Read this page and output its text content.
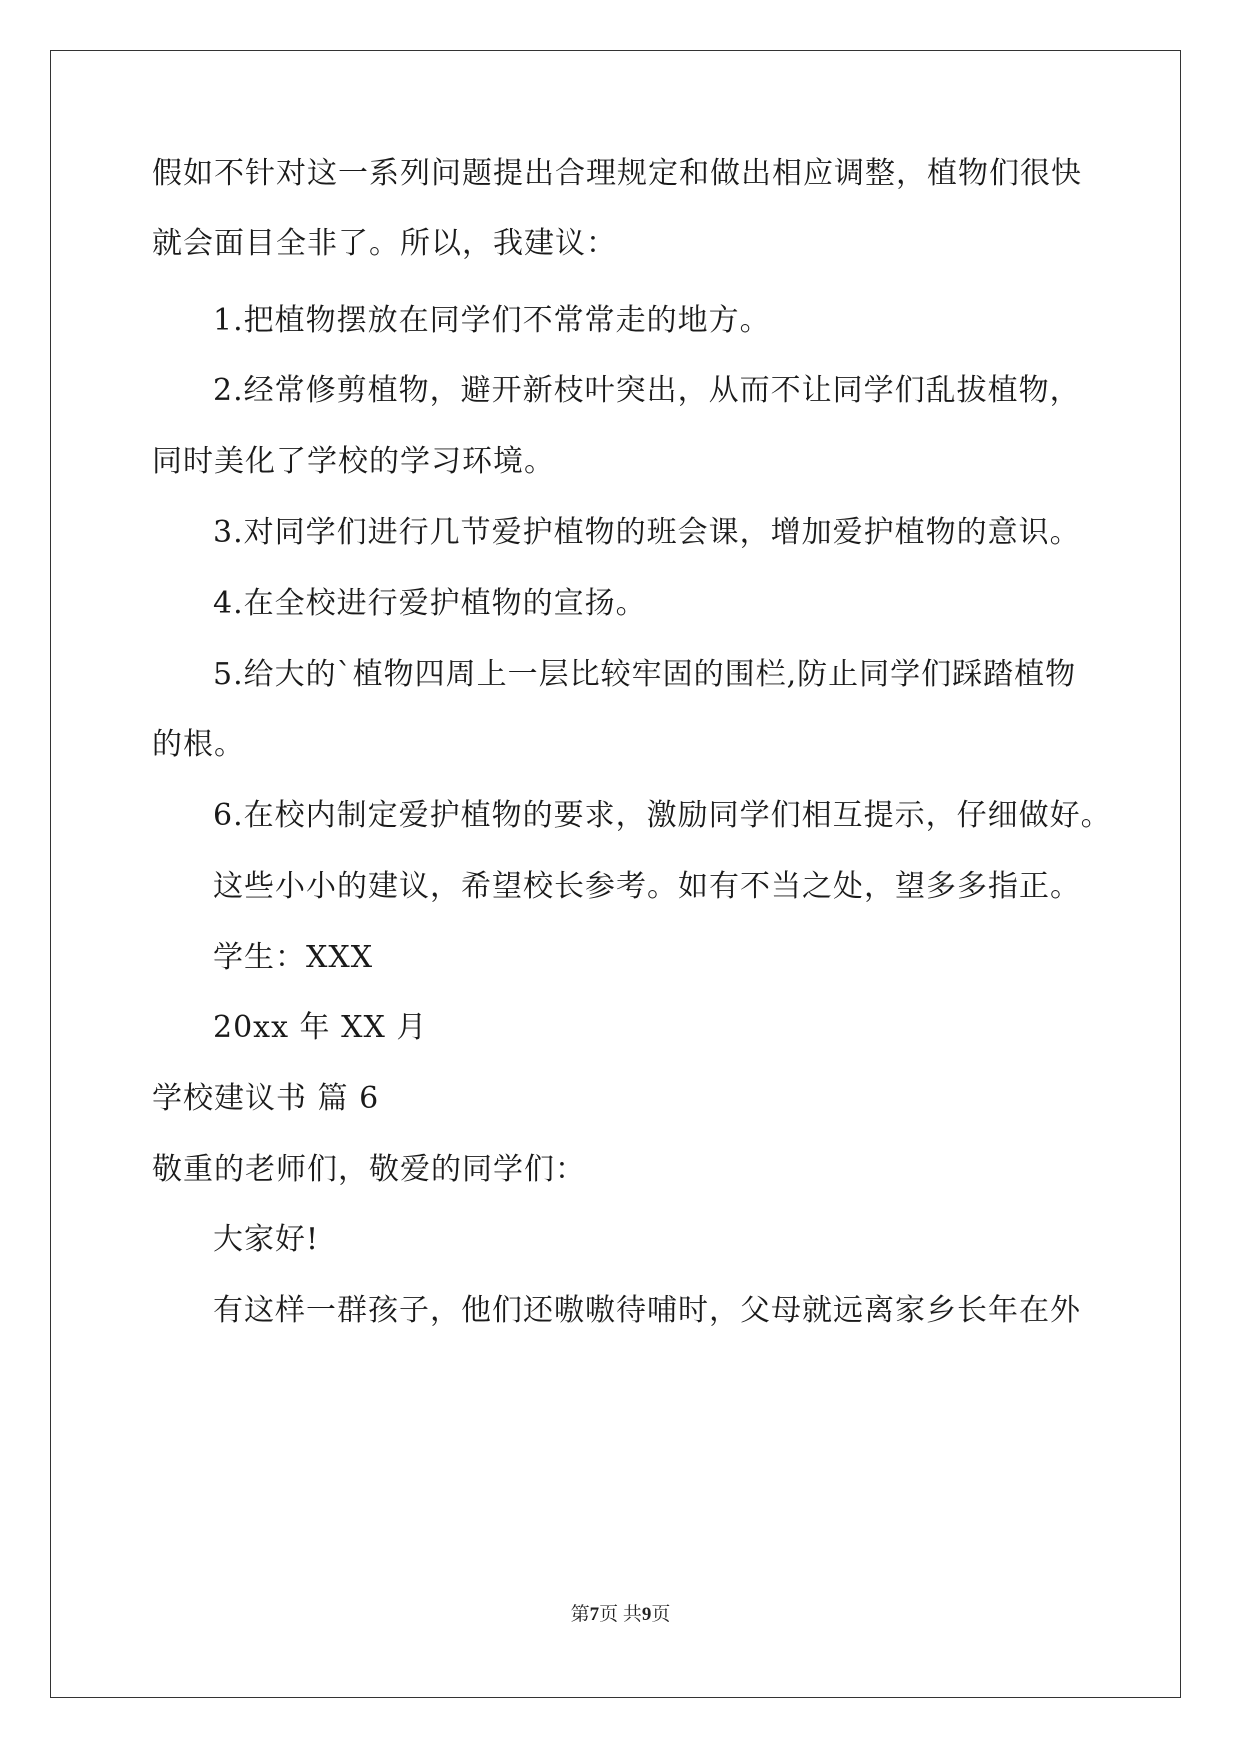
假如不针对这一系列问题提出合理规定和做出相应调整，植物们很快
就会面目全非了。所以，我建议：
1.把植物摆放在同学们不常常走的地方。
2.经常修剪植物，避开新枝叶突出，从而不让同学们乱拔植物，
同时美化了学校的学习环境。
3.对同学们进行几节爱护植物的班会课，增加爱护植物的意识。
4.在全校进行爱护植物的宣扬。
5.给大的`植物四周上一层比较牢固的围栏,防止同学们踩踏植物
的根。
6.在校内制定爱护植物的要求，激励同学们相互提示，仔细做好。
这些小小的建议，希望校长参考。如有不当之处，望多多指正。
学生：XXX
20xx 年 XX 月
学校建议书 篇 6
敬重的老师们，敬爱的同学们：
大家好!
有这样一群孩子，他们还嗷嗷待哺时，父母就远离家乡长年在外
第7页 共9页
